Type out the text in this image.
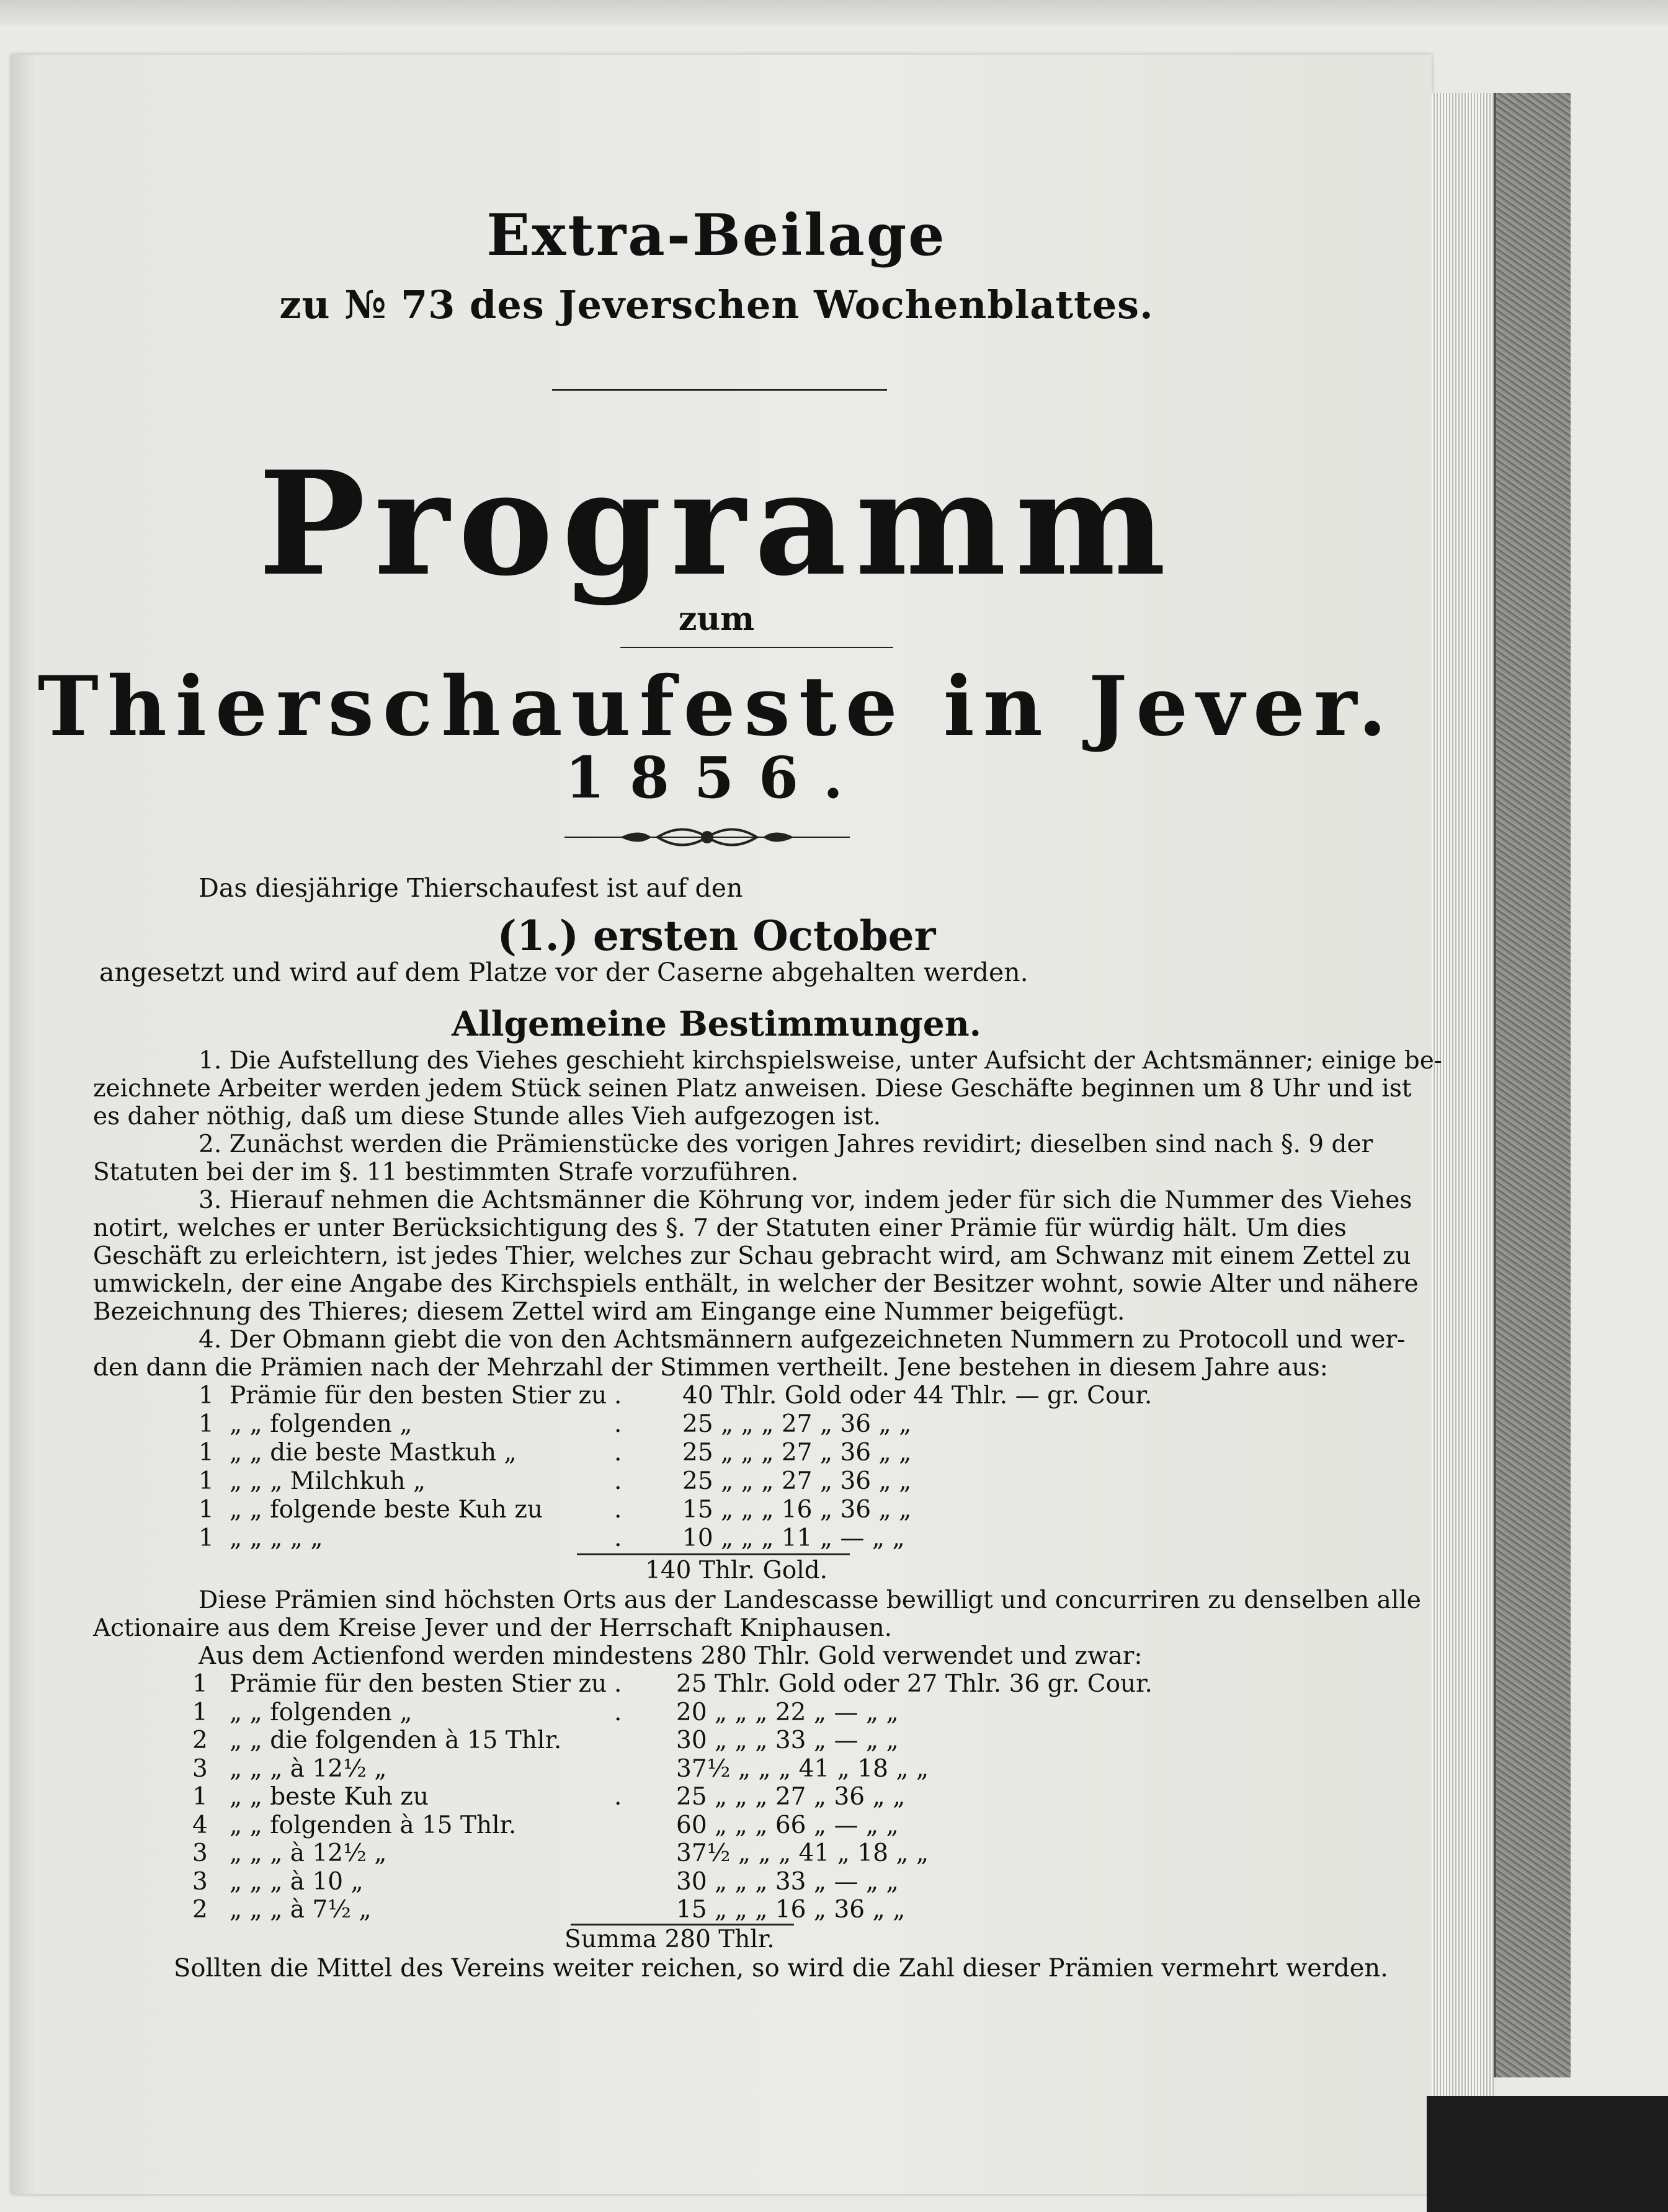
Extra-Beilage
zu № 73 des Jeverschen Wochenblattes.
Programm
zum
Thierschaufeste in Jever.
1856.
Das diesjährige Thierschaufest ist auf den
(1.) ersten October
angesetzt und wird auf dem Platze vor der Caserne abgehalten werden.
Allgemeine Bestimmungen.
1. Die Aufstellung des Viehes geschieht kirchspielsweise, unter Aufsicht der Achtsmänner; einige be-
zeichnete Arbeiter werden jedem Stück seinen Platz anweisen. Diese Geschäfte beginnen um 8 Uhr und ist
es daher nöthig, daß um diese Stunde alles Vieh aufgezogen ist.
2. Zunächst werden die Prämienstücke des vorigen Jahres revidirt; dieselben sind nach §. 9 der
Statuten bei der im §. 11 bestimmten Strafe vorzuführen.
3. Hierauf nehmen die Achtsmänner die Köhrung vor, indem jeder für sich die Nummer des Viehes
notirt, welches er unter Berücksichtigung des §. 7 der Statuten einer Prämie für würdig hält. Um dies
Geschäft zu erleichtern, ist jedes Thier, welches zur Schau gebracht wird, am Schwanz mit einem Zettel zu
umwickeln, der eine Angabe des Kirchspiels enthält, in welcher der Besitzer wohnt, sowie Alter und nähere
Bezeichnung des Thieres; diesem Zettel wird am Eingange eine Nummer beigefügt.
4. Der Obmann giebt die von den Achtsmännern aufgezeichneten Nummern zu Protocoll und wer-
den dann die Prämien nach der Mehrzahl der Stimmen vertheilt. Jene bestehen in diesem Jahre aus:
1 Prämie für den besten Stier zu .	40 Thlr. Gold oder 44 Thlr. — gr. Cour.
1 „ „ folgenden „	.	25 „ „ „ 27 „ 36 „ „
1 „ „ die beste Mastkuh „	.	25 „ „ „ 27 „ 36 „ „
1 „ „ „ Milchkuh „	.	25 „ „ „ 27 „ 36 „ „
1 „ „ folgende beste Kuh zu	.	15 „ „ „ 16 „ 36 „ „
1 „ „ „ „ „	.	10 „ „ „ 11 „ — „ „
140 Thlr. Gold.
Diese Prämien sind höchsten Orts aus der Landescasse bewilligt und concurriren zu denselben alle
Actionaire aus dem Kreise Jever und der Herrschaft Kniphausen.
Aus dem Actienfond werden mindestens 280 Thlr. Gold verwendet und zwar:
1 Prämie für den besten Stier zu . 25 Thlr. Gold oder 27 Thlr. 36 gr. Cour.
1 „ „ folgenden „	. 20 „ „ „ 22 „ — „ „
2 „ „ die folgenden à 15 Thlr.	30 „ „ „ 33 „ — „ „
3 „ „ „ à 12½ „	37½ „ „ „ 41 „ 18 „ „
1 „ „ beste Kuh zu	. 25 „ „ „ 27 „ 36 „ „
4 „ „ folgenden à 15 Thlr.	60 „ „ „ 66 „ — „ „
3 „ „ „ à 12½ „	37½ „ „ „ 41 „ 18 „ „
3 „ „ „ à 10 „	30 „ „ „ 33 „ — „ „
2 „ „ „ à 7½ „	15 „ „ „ 16 „ 36 „ „
Summa 280 Thlr.
Sollten die Mittel des Vereins weiter reichen, so wird die Zahl dieser Prämien vermehrt werden.
